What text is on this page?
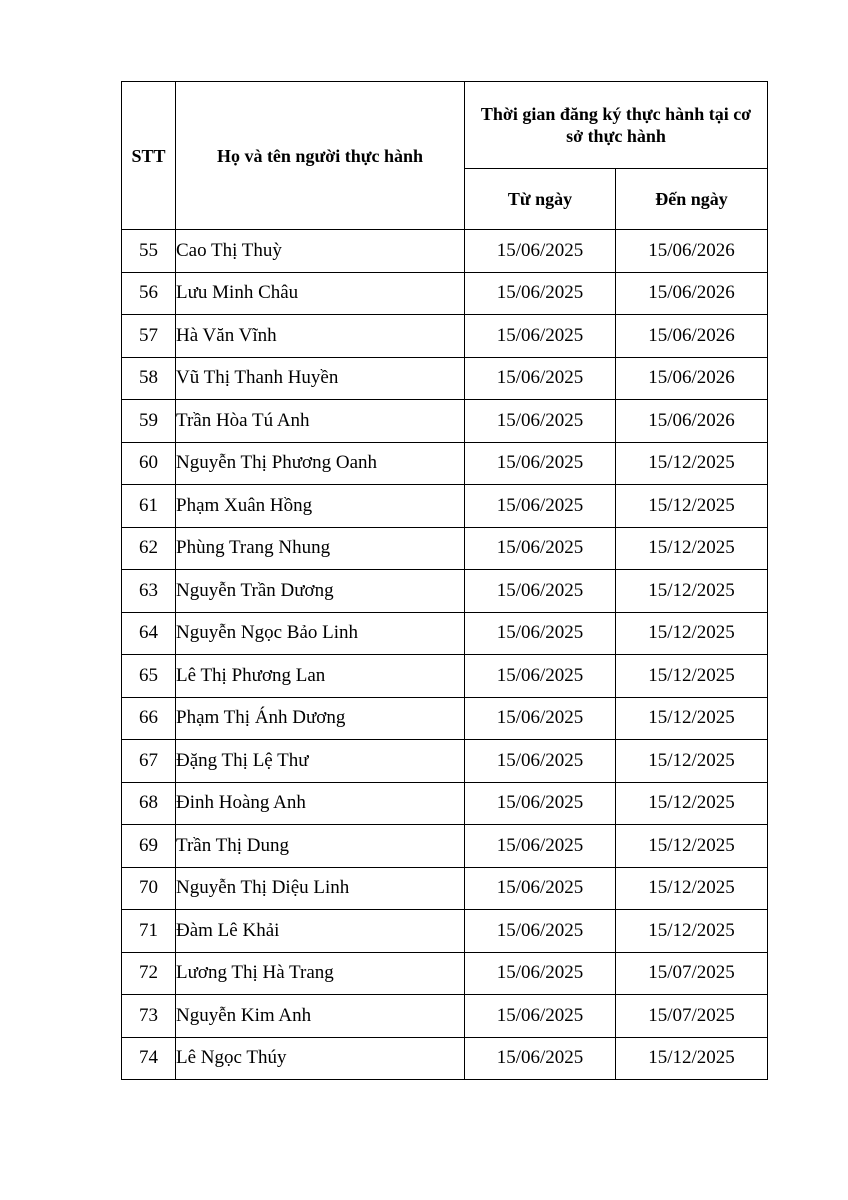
STT	Họ và tên người thực hành	Thời gian đăng ký thực hành tại cơ sở thực hành	
		Từ ngày	Đến ngày
55	Cao Thị Thuỳ	15/06/2025	15/06/2026
56	Lưu Minh Châu	15/06/2025	15/06/2026
57	Hà Văn Vĩnh	15/06/2025	15/06/2026
58	Vũ Thị Thanh Huyền	15/06/2025	15/06/2026
59	Trần Hòa Tú Anh	15/06/2025	15/06/2026
60	Nguyễn Thị Phương Oanh	15/06/2025	15/12/2025
61	Phạm Xuân Hồng	15/06/2025	15/12/2025
62	Phùng Trang Nhung	15/06/2025	15/12/2025
63	Nguyễn Trần Dương	15/06/2025	15/12/2025
64	Nguyễn Ngọc Bảo Linh	15/06/2025	15/12/2025
65	Lê Thị Phương Lan	15/06/2025	15/12/2025
66	Phạm Thị Ánh Dương	15/06/2025	15/12/2025
67	Đặng Thị Lệ Thư	15/06/2025	15/12/2025
68	Đinh Hoàng Anh	15/06/2025	15/12/2025
69	Trần Thị Dung	15/06/2025	15/12/2025
70	Nguyễn Thị Diệu Linh	15/06/2025	15/12/2025
71	Đàm Lê Khải	15/06/2025	15/12/2025
72	Lương Thị Hà Trang	15/06/2025	15/07/2025
73	Nguyễn Kim Anh	15/06/2025	15/07/2025
74	Lê Ngọc Thúy	15/06/2025	15/12/2025
